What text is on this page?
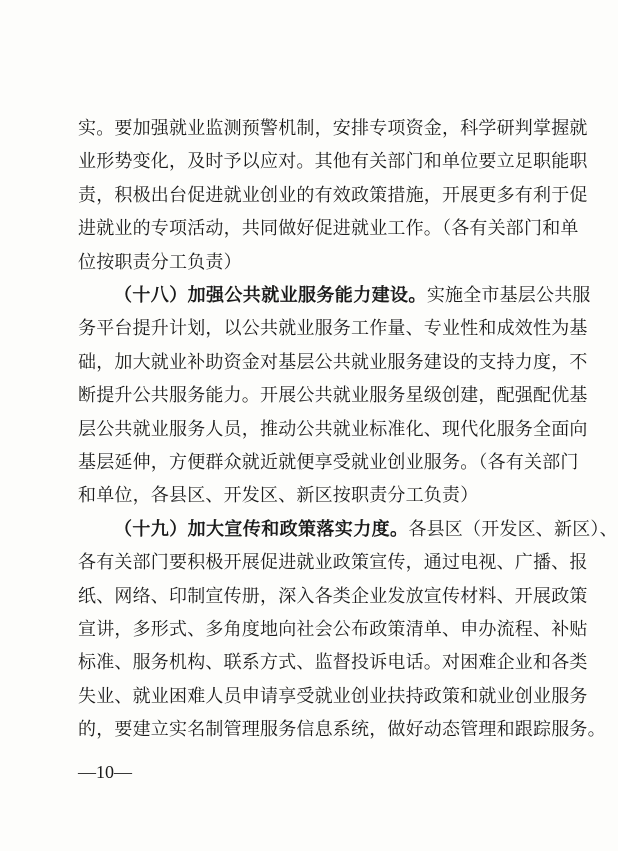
实。要加强就业监测预警机制，安排专项资金，科学研判掌握就
业形势变化，及时予以应对。其他有关部门和单位要立足职能职
责，积极出台促进就业创业的有效政策措施，开展更多有利于促
进就业的专项活动，共同做好促进就业工作。（各有关部门和单
位按职责分工负责）
（十八）加强公共就业服务能力建设。实施全市基层公共服
务平台提升计划，以公共就业服务工作量、专业性和成效性为基
础，加大就业补助资金对基层公共就业服务建设的支持力度，不
断提升公共服务能力。开展公共就业服务星级创建，配强配优基
层公共就业服务人员，推动公共就业标准化、现代化服务全面向
基层延伸，方便群众就近就便享受就业创业服务。（各有关部门
和单位，各县区、开发区、新区按职责分工负责）
（十九）加大宣传和政策落实力度。各县区（开发区、新区）、
各有关部门要积极开展促进就业政策宣传，通过电视、广播、报
纸、网络、印制宣传册，深入各类企业发放宣传材料、开展政策
宣讲，多形式、多角度地向社会公布政策清单、申办流程、补贴
标准、服务机构、联系方式、监督投诉电话。对困难企业和各类
失业、就业困难人员申请享受就业创业扶持政策和就业创业服务
的，要建立实名制管理服务信息系统，做好动态管理和跟踪服务。
—10—
